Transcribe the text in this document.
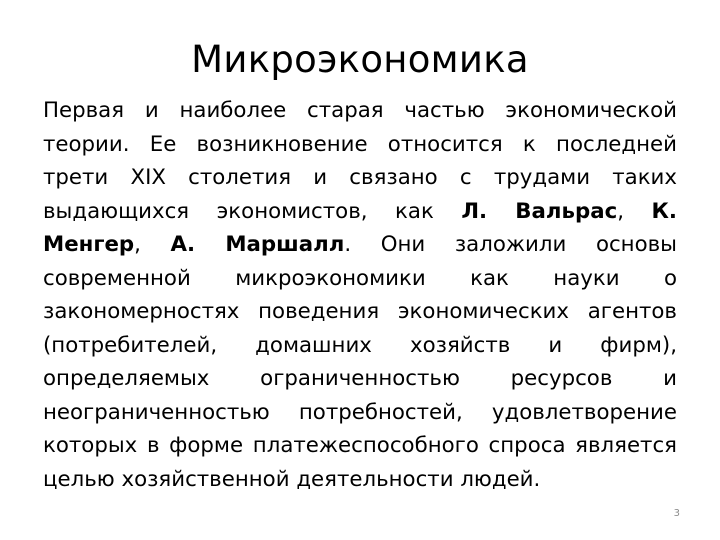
Микроэкономика

Первая и наиболее старая частью экономической теории. Ее возникновение относится к последней трети XIX столетия и связано с трудами таких выдающихся экономистов, как Л. Вальрас, К. Менгер, А. Маршалл. Они заложили основы современной микроэкономики как науки о закономерностях поведения экономических агентов (потребителей, домашних хозяйств и фирм), определяемых ограниченностью ресурсов и неограниченностью потребностей, удовлетворение которых в форме платежеспособного спроса является целью хозяйственной деятельности людей.

3
